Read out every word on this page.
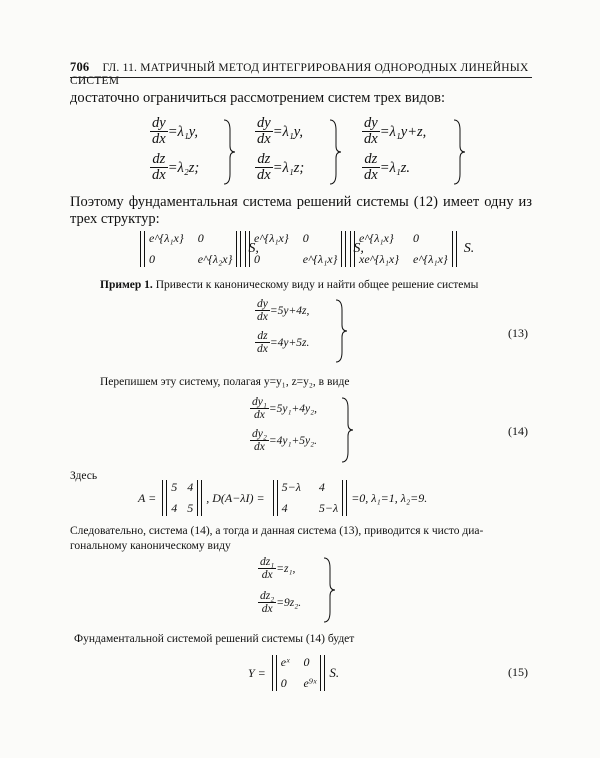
706 ГЛ. 11. МАТРИЧНЫЙ МЕТОД ИНТЕГРИРОВАНИЯ ОДНОРОДНЫХ ЛИНЕЙНЫХ СИСТЕМ
достаточно ограничиться рассмотрением систем трех видов:
$\frac{dy}{dx} =\lambda_1y$,
$\frac{dz}{dx} =\lambda_2z$;
$\frac{dy}{dx} =\lambda_1y$,
$\frac{dz}{dx} =\lambda_1z$;
$\frac{dy}{dx} =\lambda_1y+z$,
$\frac{dz}{dx} =\lambda_1z$.
Поэтому фундаментальная система решений системы (12) имеет одну из трех структур:
e^{λ₁x} 0
0	e^{λ₂x}
S,
e^{λ₁x} 0
0	e^{λ₁x}
S,
e^{λ₁x}	0
xe^{λ₁x} e^{λ₁x}
S.
Пример 1. Привести к каноническому виду и найти общее решение системы
$\frac{dy}{dx} =5y+4z$,
$\frac{dz}{dx} =4y+5z$.
(13)
Перепишем эту систему, полагая y=y₁, z=y₂, в виде
$\frac{\text{dy₁}}{dx} =5y_1+4y_2$,
$\frac{\text{dy₂}}{dx} =4y_1+5y_2$.
(14)
Здесь
A =
5 4
4 5
, D(A−λI) =
5−λ 4
4	5−λ
=0, λ₁=1, λ₂=9.
Следовательно, система (14), а тогда и данная система (13), приводится к чисто диа-
гональному каноническому виду
$\frac{\text{dz₁}}{dx} =z_1$,
$\frac{\text{dz₂}}{dx} =9z_2$.
Фундаментальной системой решений системы (14) будет
Y =
eˣ 0
0 e⁹ˣ
S.	(15)
